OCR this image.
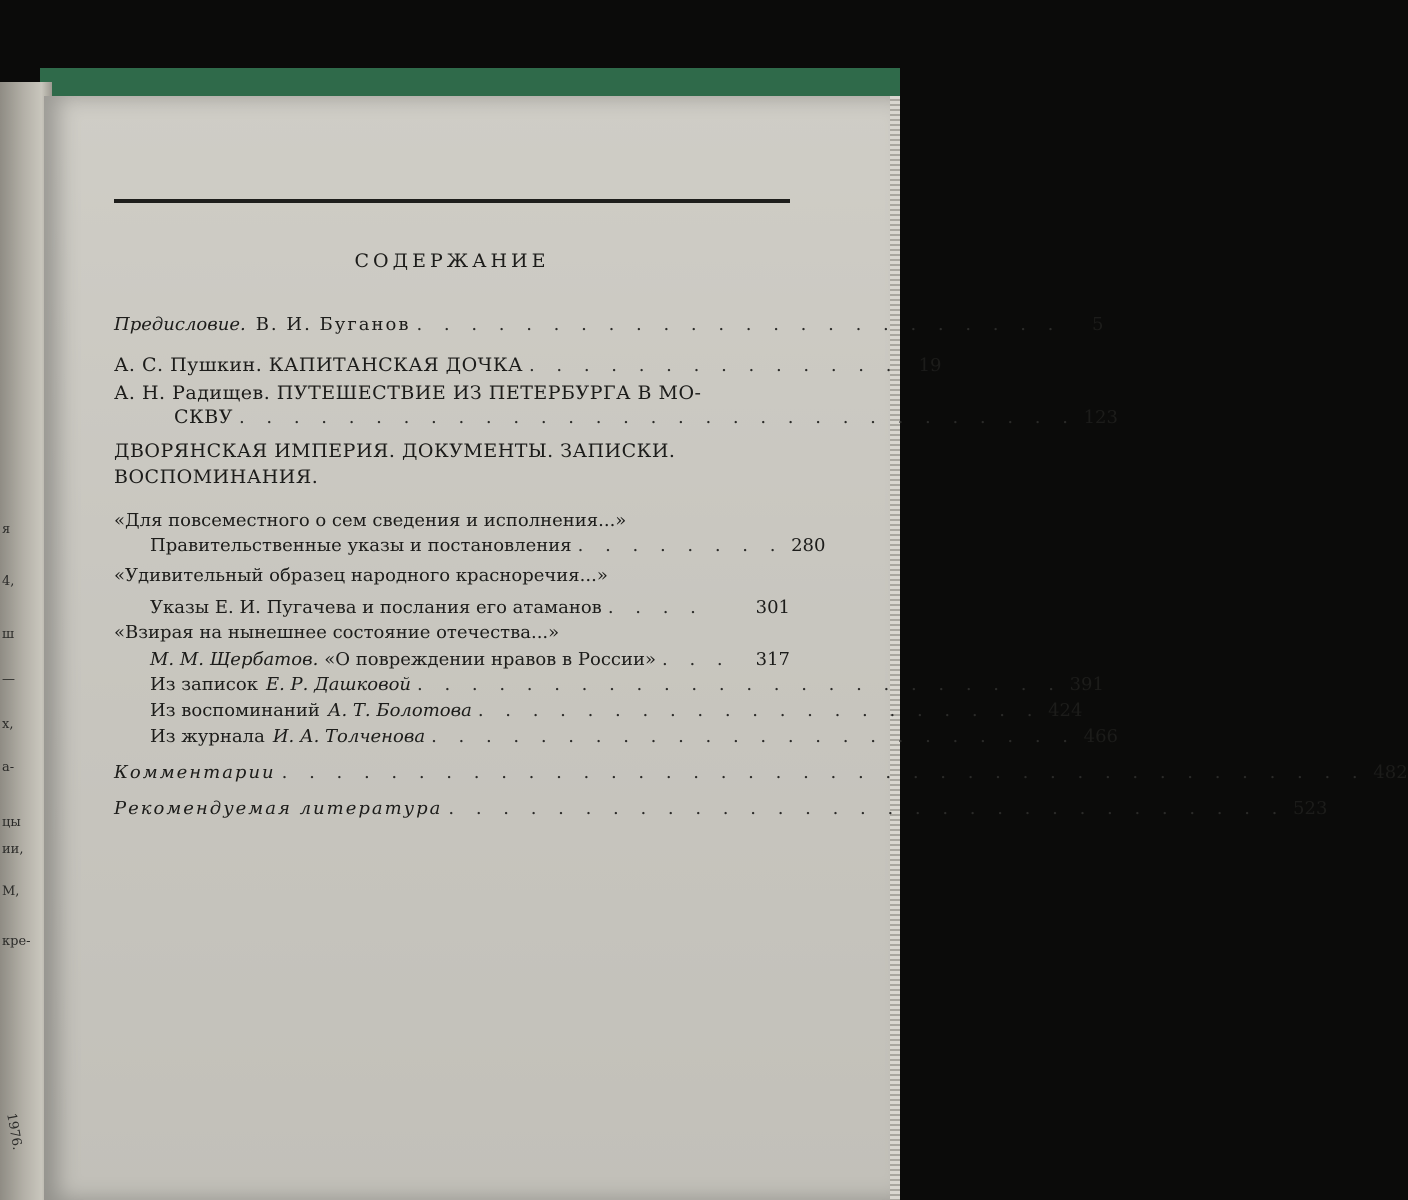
я
4,
ш
—
x,
a-
цы
ии,
М,
кре-
1976.
СОДЕРЖАНИЕ
Предисловие. В. И. Буганов . . . . . . . . . . . . . . . . . . . . . . . .	5
А. С. Пушкин. КАПИТАНСКАЯ ДОЧКА . . . . . . . . . . . . . .	19
А. Н. Радищев. ПУТЕШЕСТВИЕ ИЗ ПЕТЕРБУРГА В МО-
СКВУ . . . . . . . . . . . . . . . . . . . . . . . . . . . . . . . 123
ДВОРЯНСКАЯ ИМПЕРИЯ. ДОКУМЕНТЫ. ЗАПИСКИ.
ВОСПОМИНАНИЯ.
«Для повсеместного о сем сведения и исполнения...»
Правительственные указы и постановления . . . . . . . . 280
«Удивительный образец народного красноречия...»
Указы Е. И. Пугачева и послания его атаманов . . . .	301
«Взирая на нынешнее состояние отечества...»
М. М. Щербатов. «О повреждении нравов в России» . . .	317
Из записок Е. Р. Дашковой . . . . . . . . . . . . . . . . . . . . . . . . 391
Из воспоминаний А. Т. Болотова . . . . . . . . . . . . . . . . . . . . . 424
Из журнала И. А. Толченова . . . . . . . . . . . . . . . . . . . . . . . . 466
Комментарии . . . . . . . . . . . . . . . . . . . . . . . . . . . . . . . . . . . . . . . . 482
Рекомендуемая литература . . . . . . . . . . . . . . . . . . . . . . . . . . . . . . . 523
